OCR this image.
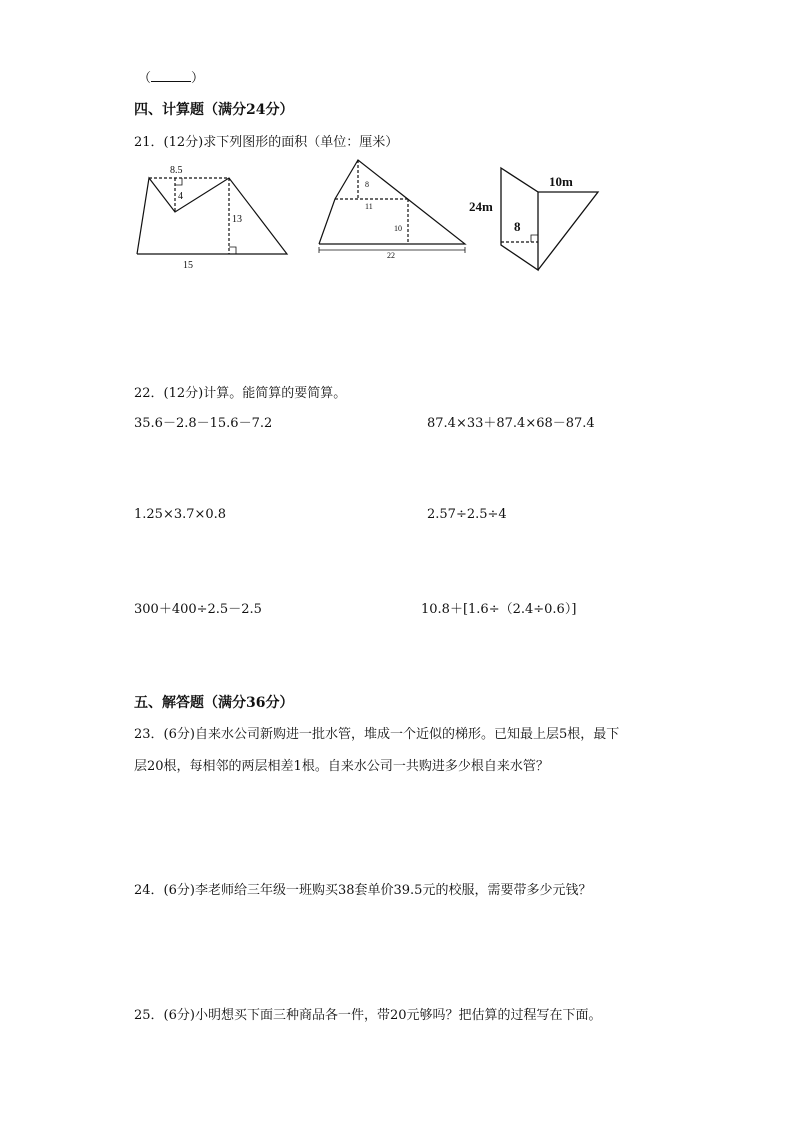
（	）
四、计算题（满分24分）
21．(12分)求下列图形的面积（单位：厘米）
8.5
4
13
15
8
11
10
22
24m
10m
8
22．(12分)计算。能简算的要简算。
35.6－2.8－15.6－7.2	87.4×33＋87.4×68－87.4
1.25×3.7×0.8	2.57÷2.5÷4
300＋400÷2.5－2.5	10.8＋[1.6÷（2.4÷0.6）]
五、解答题（满分36分）
23．(6分)自来水公司新购进一批水管，堆成一个近似的梯形。已知最上层5根，最下
层20根，每相邻的两层相差1根。自来水公司一共购进多少根自来水管？
24．(6分)李老师给三年级一班购买38套单价39.5元的校服，需要带多少元钱？
25．(6分)小明想买下面三种商品各一件，带20元够吗？把估算的过程写在下面。
